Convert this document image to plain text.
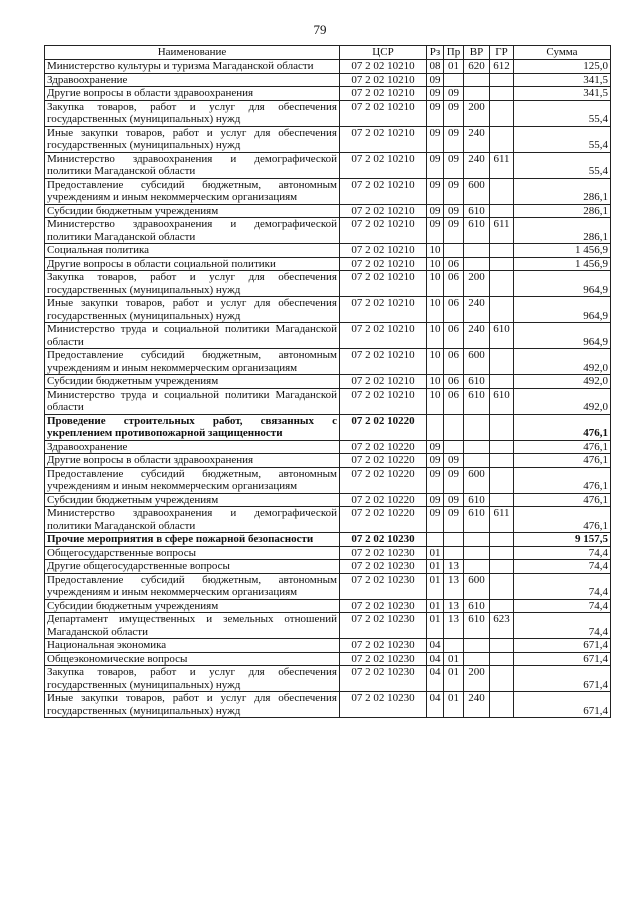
79
Наименование	ЦСР	Рз	Пр	ВР	ГР	Сумма
Министерство культуры и туризма Магаданской области	07 2 02 10210	08	01	620	612	125,0
Здравоохранение	07 2 02 10210	09				341,5
Другие вопросы в области здравоохранения	07 2 02 10210	09	09			341,5
Закупка товаров, работ и услуг для обеспечения государственных (муниципальных) нужд	07 2 02 10210	09	09	200		55,4
Иные закупки товаров, работ и услуг для обеспечения государственных (муниципальных) нужд	07 2 02 10210	09	09	240		55,4
Министерство здравоохранения и демографической политики Магаданской области	07 2 02 10210	09	09	240	611	55,4
Предоставление субсидий бюджетным, автономным учреждениям и иным некоммерческим организациям	07 2 02 10210	09	09	600		286,1
Субсидии бюджетным учреждениям	07 2 02 10210	09	09	610		286,1
Министерство здравоохранения и демографической политики Магаданской области	07 2 02 10210	09	09	610	611	286,1
Социальная политика	07 2 02 10210	10				1 456,9
Другие вопросы в области социальной политики	07 2 02 10210	10	06			1 456,9
Закупка товаров, работ и услуг для обеспечения государственных (муниципальных) нужд	07 2 02 10210	10	06	200		964,9
Иные закупки товаров, работ и услуг для обеспечения государственных (муниципальных) нужд	07 2 02 10210	10	06	240		964,9
Министерство труда и социальной политики Магаданской области	07 2 02 10210	10	06	240	610	964,9
Предоставление субсидий бюджетным, автономным учреждениям и иным некоммерческим организациям	07 2 02 10210	10	06	600		492,0
Субсидии бюджетным учреждениям	07 2 02 10210	10	06	610		492,0
Министерство труда и социальной политики Магаданской области	07 2 02 10210	10	06	610	610	492,0
Проведение строительных работ, связанных с укреплением противопожарной защищенности	07 2 02 10220					476,1
Здравоохранение	07 2 02 10220	09				476,1
Другие вопросы в области здравоохранения	07 2 02 10220	09	09			476,1
Предоставление субсидий бюджетным, автономным учреждениям и иным некоммерческим организациям	07 2 02 10220	09	09	600		476,1
Субсидии бюджетным учреждениям	07 2 02 10220	09	09	610		476,1
Министерство здравоохранения и демографической политики Магаданской области	07 2 02 10220	09	09	610	611	476,1
Прочие мероприятия в сфере пожарной безопасности	07 2 02 10230					9 157,5
Общегосударственные вопросы	07 2 02 10230	01				74,4
Другие общегосударственные вопросы	07 2 02 10230	01	13			74,4
Предоставление субсидий бюджетным, автономным учреждениям и иным некоммерческим организациям	07 2 02 10230	01	13	600		74,4
Субсидии бюджетным учреждениям	07 2 02 10230	01	13	610		74,4
Департамент имущественных и земельных отношений Магаданской области	07 2 02 10230	01	13	610	623	74,4
Национальная экономика	07 2 02 10230	04				671,4
Общеэкономические вопросы	07 2 02 10230	04	01			671,4
Закупка товаров, работ и услуг для обеспечения государственных (муниципальных) нужд	07 2 02 10230	04	01	200		671,4
Иные закупки товаров, работ и услуг для обеспечения государственных (муниципальных) нужд	07 2 02 10230	04	01	240		671,4
